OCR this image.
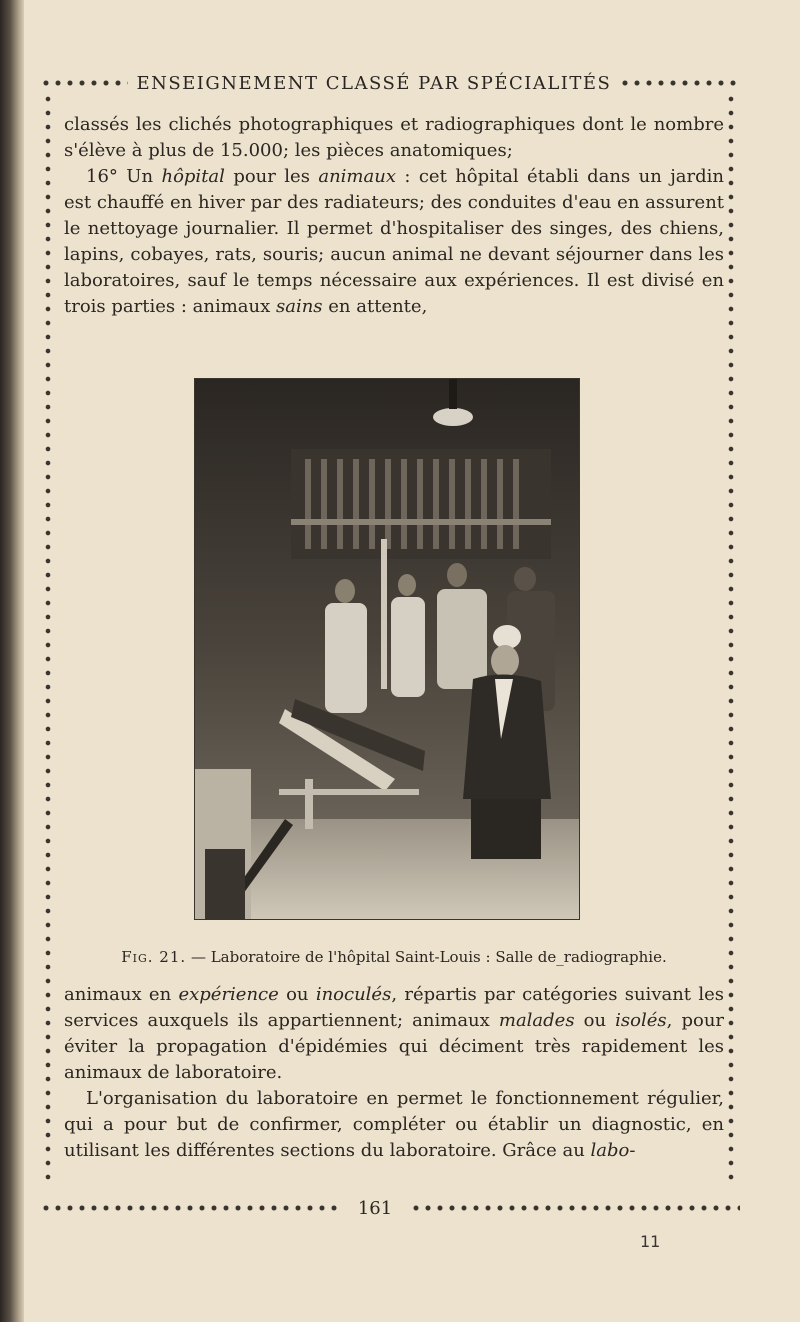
ENSEIGNEMENT CLASSÉ PAR SPÉCIALITÉS

classés les clichés photographiques et radiographiques dont le nombre s'élève à plus de 15.000; les pièces anatomiques;

16° Un hôpital pour les animaux : cet hôpital établi dans un jardin est chauffé en hiver par des radiateurs; des conduites d'eau en assurent le nettoyage journalier. Il permet d'hospitaliser des singes, des chiens, lapins, cobayes, rats, souris; aucun animal ne devant séjourner dans les laboratoires, sauf le temps nécessaire aux expériences. Il est divisé en trois parties : animaux sains en attente,

Fig. 21. — Laboratoire de l'hôpital Saint-Louis : Salle de_radiographie.

animaux en expérience ou inoculés, répartis par catégories suivant les services auxquels ils appartiennent; animaux malades ou isolés, pour éviter la propagation d'épidémies qui déciment très rapidement les animaux de laboratoire.

L'organisation du laboratoire en permet le fonctionnement régulier, qui a pour but de confirmer, compléter ou établir un diagnostic, en utilisant les différentes sections du laboratoire. Grâce au labo-

161
11
